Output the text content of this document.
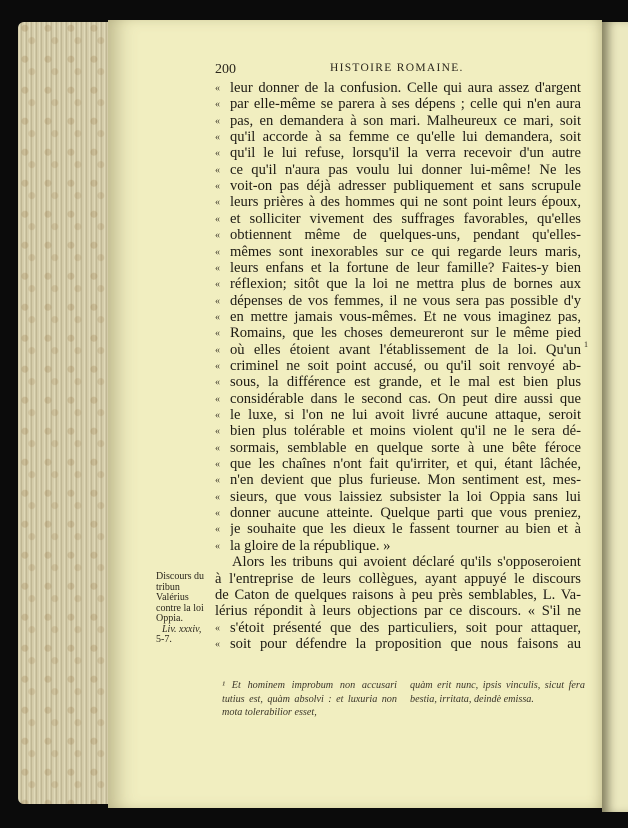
200	HISTOIRE ROMAINE.
« leur donner de la confusion. Celle qui aura assez d'argent
« par elle-même se parera à ses dépens ; celle qui n'en aura
« pas, en demandera à son mari. Malheureux ce mari, soit
« qu'il accorde à sa femme ce qu'elle lui demandera, soit
« qu'il le lui refuse, lorsqu'il la verra recevoir d'un autre
« ce qu'il n'aura pas voulu lui donner lui-même! Ne les
« voit-on pas déjà adresser publiquement et sans scrupule
« leurs prières à des hommes qui ne sont point leurs époux,
« et solliciter vivement des suffrages favorables, qu'elles
« obtiennent même de quelques-uns, pendant qu'elles-
« mêmes sont inexorables sur ce qui regarde leurs maris,
« leurs enfans et la fortune de leur famille? Faites-y bien
« réflexion; sitôt que la loi ne mettra plus de bornes aux
« dépenses de vos femmes, il ne vous sera pas possible d'y
« en mettre jamais vous-mêmes. Et ne vous imaginez pas,
« Romains, que les choses demeureront sur le même pied
« où elles étoient avant l'établissement de la loi. Qu'un 1
« criminel ne soit point accusé, ou qu'il soit renvoyé ab-
« sous, la différence est grande, et le mal est bien plus
« considérable dans le second cas. On peut dire aussi que
« le luxe, si l'on ne lui avoit livré aucune attaque, seroit
« bien plus tolérable et moins violent qu'il ne le sera dé-
« sormais, semblable en quelque sorte à une bête féroce
« que les chaînes n'ont fait qu'irriter, et qui, étant lâchée,
« n'en devient que plus furieuse. Mon sentiment est, mes-
« sieurs, que vous laissiez subsister la loi Oppia sans lui
« donner aucune atteinte. Quelque parti que vous preniez,
« je souhaite que les dieux le fassent tourner au bien et à
« la gloire de la république. »
Alors les tribuns qui avoient déclaré qu'ils s'opposeroient
à l'entreprise de leurs collègues, ayant appuyé le discours
de Caton de quelques raisons à peu près semblables, L. Va-
lérius répondit à leurs objections par ce discours. « S'il ne
« s'étoit présenté que des particuliers, soit pour attaquer,
« soit pour défendre la proposition que nous faisons au
Discours du tribun Valérius contre la loi Oppia.
Liv. xxxiv,
5-7.
¹ Et hominem improbum non accusari tutius est, quàm absolvi : et luxuria non mota tolerabilior esset,
quàm erit nunc, ipsis vinculis, sicut fera bestia, irritata, deindè emissa.
